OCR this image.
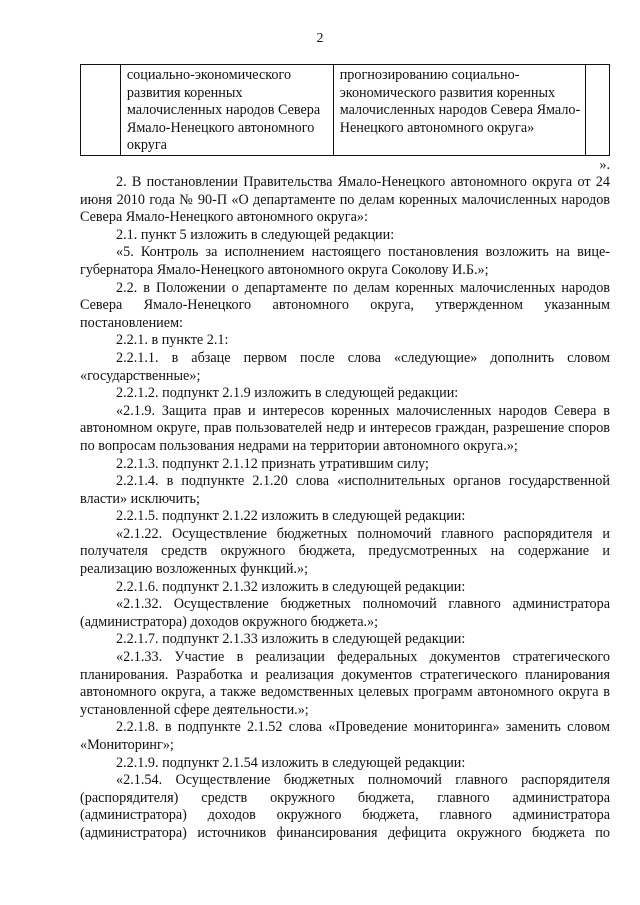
2
	социально-экономического развития коренных малочисленных народов Севера Ямало-Ненецкого автономного округа	прогнозированию социально-экономического развития коренных малочисленных народов Севера Ямало-Ненецкого автономного округа»	
».

2. В постановлении Правительства Ямало-Ненецкого автономного округа от 24 июня 2010 года № 90-П «О департаменте по делам коренных малочисленных народов Севера Ямало-Ненецкого автономного округа»:

2.1. пункт 5 изложить в следующей редакции:

«5. Контроль за исполнением настоящего постановления возложить на вице-губернатора Ямало-Ненецкого автономного округа Соколову И.Б.»;

2.2. в Положении о департаменте по делам коренных малочисленных народов Севера Ямало-Ненецкого автономного округа, утвержденном указанным постановлением:

2.2.1. в пункте 2.1:

2.2.1.1. в абзаце первом после слова «следующие» дополнить словом «государственные»;

2.2.1.2. подпункт 2.1.9 изложить в следующей редакции:

«2.1.9. Защита прав и интересов коренных малочисленных народов Севера в автономном округе, прав пользователей недр и интересов граждан, разрешение споров по вопросам пользования недрами на территории автономного округа.»;

2.2.1.3. подпункт 2.1.12 признать утратившим силу;

2.2.1.4. в подпункте 2.1.20 слова «исполнительных органов государственной власти» исключить;

2.2.1.5. подпункт 2.1.22 изложить в следующей редакции:

«2.1.22. Осуществление бюджетных полномочий главного распорядителя и получателя средств окружного бюджета, предусмотренных на содержание и реализацию возложенных функций.»;

2.2.1.6. подпункт 2.1.32 изложить в следующей редакции:

«2.1.32. Осуществление бюджетных полномочий главного администратора (администратора) доходов окружного бюджета.»;

2.2.1.7. подпункт 2.1.33 изложить в следующей редакции:

«2.1.33. Участие в реализации федеральных документов стратегического планирования. Разработка и реализация документов стратегического планирования автономного округа, а также ведомственных целевых программ автономного округа в установленной сфере деятельности.»;

2.2.1.8. в подпункте 2.1.52 слова «Проведение мониторинга» заменить словом «Мониторинг»;

2.2.1.9. подпункт 2.1.54 изложить в следующей редакции:

«2.1.54. Осуществление бюджетных полномочий главного распорядителя (распорядителя) средств окружного бюджета, главного администратора (администратора) доходов окружного бюджета, главного администратора (администратора) источников финансирования дефицита окружного бюджета по
